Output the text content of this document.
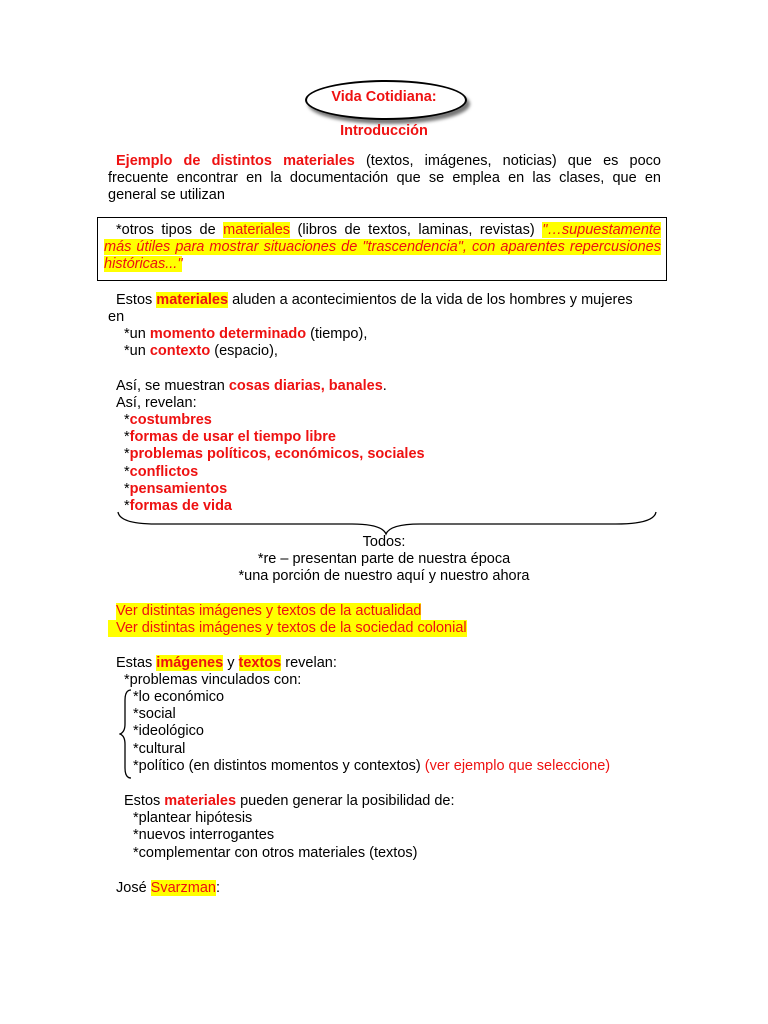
Vida Cotidiana:
Introducción
Ejemplo de distintos materiales (textos, imágenes, noticias) que es poco frecuente encontrar en la documentación que se emplea en las clases, que en general se utilizan
*otros tipos de materiales (libros de textos, laminas, revistas) "…supuestamente más útiles para mostrar situaciones de "trascendencia", con aparentes repercusiones históricas..."
Estos materiales aluden a acontecimientos de la vida de los hombres y mujeres
en
*un momento determinado (tiempo),
*un contexto (espacio),
Así, se muestran cosas diarias, banales.
Así, revelan:
*costumbres
*formas de usar el tiempo libre
*problemas políticos, económicos, sociales
*conflictos
*pensamientos
*formas de vida
Todos:
*re – presentan parte de nuestra época
*una porción de nuestro aquí y nuestro ahora
Ver distintas imágenes y textos de la actualidad
Ver distintas imágenes y textos de la sociedad colonial
Estas imágenes y textos revelan:
*problemas vinculados con:
*lo económico
*social
*ideológico
*cultural
*político (en distintos momentos y contextos) (ver ejemplo que seleccione)
Estos materiales pueden generar la posibilidad de:
*plantear hipótesis
*nuevos interrogantes
*complementar con otros materiales (textos)
José Svarzman:
